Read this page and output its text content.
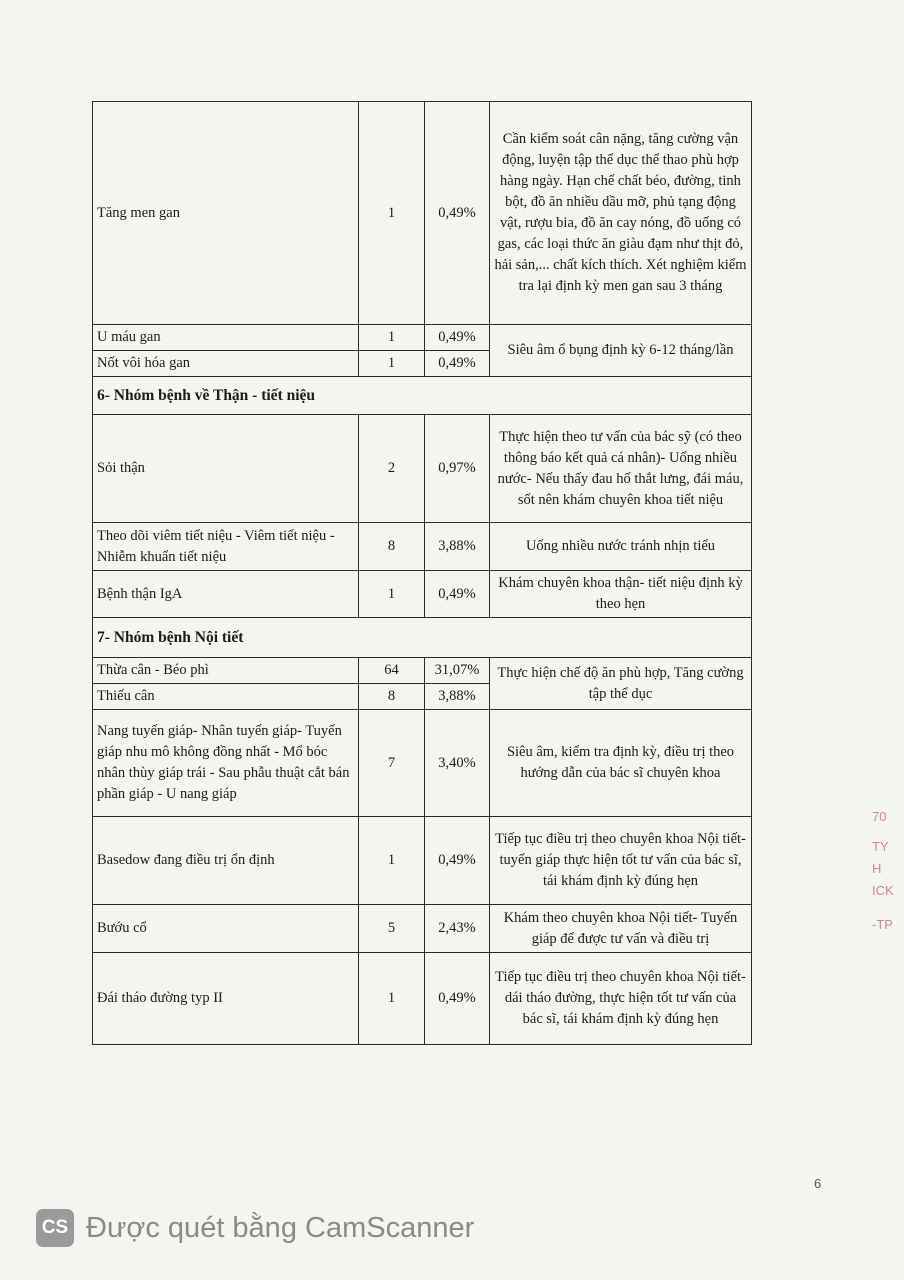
Tăng men gan	1	0,49%	Cần kiểm soát cân nặng, tăng cường vận động, luyện tập thể dục thể thao phù hợp hàng ngày. Hạn chế chất béo, đường, tinh bột, đồ ăn nhiều dầu mỡ, phủ tạng động vật, rượu bia, đồ ăn cay nóng, đồ uống có gas, các loại thức ăn giàu đạm như thịt đỏ, hải sản,... chất kích thích. Xét nghiệm kiểm tra lại định kỳ men gan sau 3 tháng
U máu gan	1	0,49%	Siêu âm ổ bụng định kỳ 6-12 tháng/lần
Nốt vôi hóa gan	1	0,49%	
6- Nhóm bệnh về Thận - tiết niệu			
Sỏi thận	2	0,97%	Thực hiện theo tư vấn của bác sỹ (có theo thông báo kết quả cá nhân)- Uống nhiều nước- Nếu thấy đau hố thắt lưng, đái máu, sốt nên khám chuyên khoa tiết niệu
Theo dõi viêm tiết niệu - Viêm tiết niệu - Nhiễm khuẩn tiết niệu	8	3,88%	Uống nhiều nước tránh nhịn tiểu
Bệnh thận IgA	1	0,49%	Khám chuyên khoa thận- tiết niệu định kỳ theo hẹn
7- Nhóm bệnh Nội tiết			
Thừa cân - Béo phì	64	31,07%	Thực hiện chế độ ăn phù hợp, Tăng cường tập thể dục
Thiếu cân	8	3,88%	
Nang tuyến giáp- Nhân tuyến giáp- Tuyến giáp nhu mô không đồng nhất - Mổ bóc nhân thùy giáp trái - Sau phẫu thuật cắt bán phần giáp - U nang giáp	7	3,40%	Siêu âm, kiểm tra định kỳ, điều trị theo hướng dẫn của bác sĩ chuyên khoa
Basedow đang điều trị ổn định	1	0,49%	Tiếp tục điều trị theo chuyên khoa Nội tiết- tuyến giáp thực hiện tốt tư vấn của bác sĩ, tái khám định kỳ đúng hẹn
Bướu cổ	5	2,43%	Khám theo chuyên khoa Nội tiết- Tuyến giáp để được tư vấn và điều trị
Đái tháo đường typ II	1	0,49%	Tiếp tục điều trị theo chuyên khoa Nội tiết- dái tháo đường, thực hiện tốt tư vấn của bác sĩ, tái khám định kỳ đúng hẹn
70
TY
H
ICK
-TP
6
CS Được quét bằng CamScanner
